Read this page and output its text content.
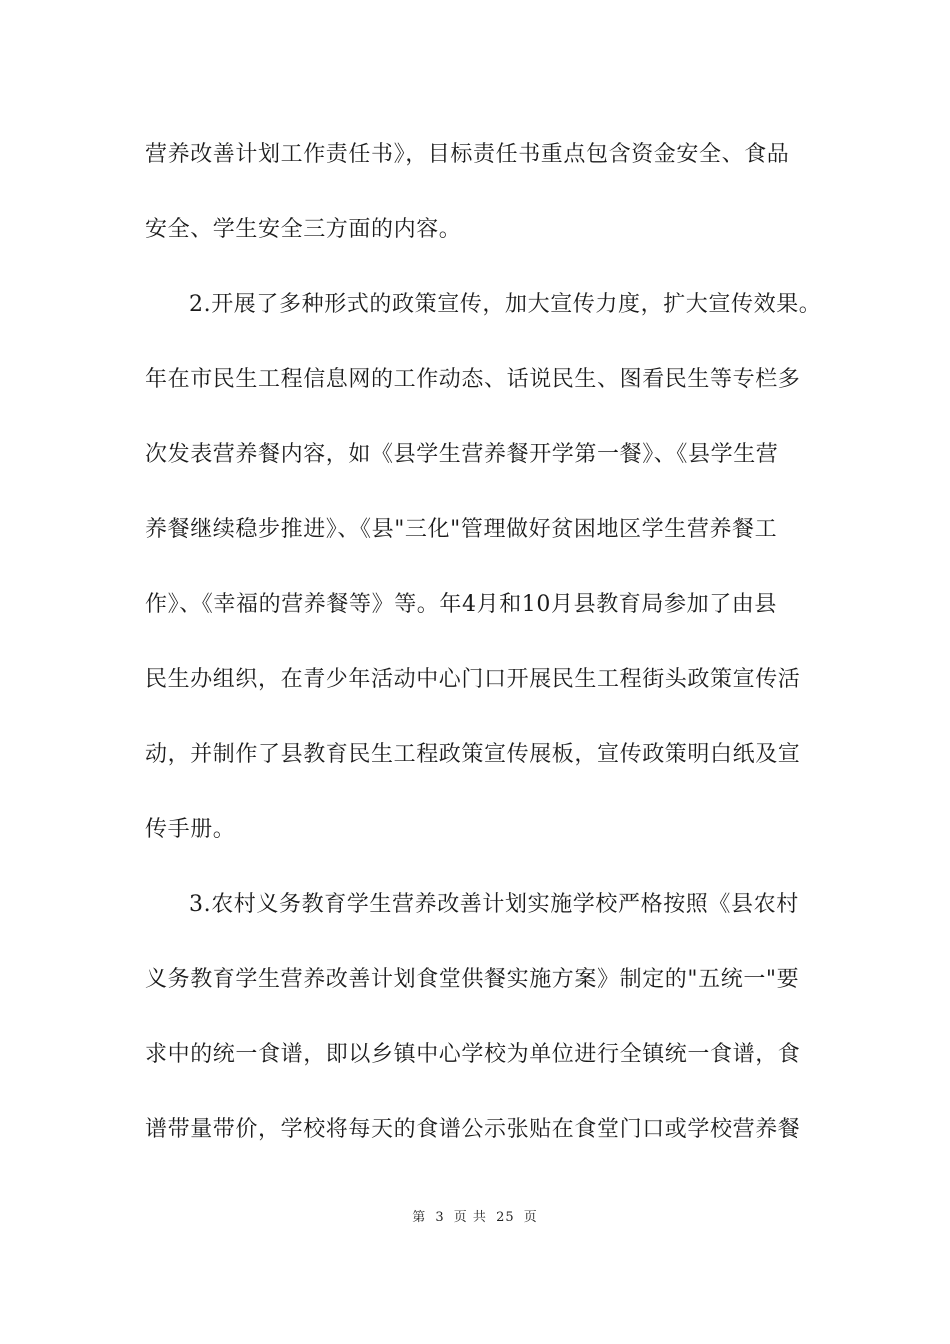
营养改善计划工作责任书》，目标责任书重点包含资金安全、食品
安全、学生安全三方面的内容。
2.开展了多种形式的政策宣传，加大宣传力度，扩大宣传效果。
年在市民生工程信息网的工作动态、话说民生、图看民生等专栏多
次发表营养餐内容，如《县学生营养餐开学第一餐》、《县学生营
养餐继续稳步推进》、《县"三化"管理做好贫困地区学生营养餐工
作》、《幸福的营养餐等》等。年4月和10月县教育局参加了由县
民生办组织，在青少年活动中心门口开展民生工程街头政策宣传活
动，并制作了县教育民生工程政策宣传展板，宣传政策明白纸及宣
传手册。
3.农村义务教育学生营养改善计划实施学校严格按照《县农村
义务教育学生营养改善计划食堂供餐实施方案》制定的"五统一"要
求中的统一食谱，即以乡镇中心学校为单位进行全镇统一食谱，食
谱带量带价，学校将每天的食谱公示张贴在食堂门口或学校营养餐
第 3 页 共 25 页
